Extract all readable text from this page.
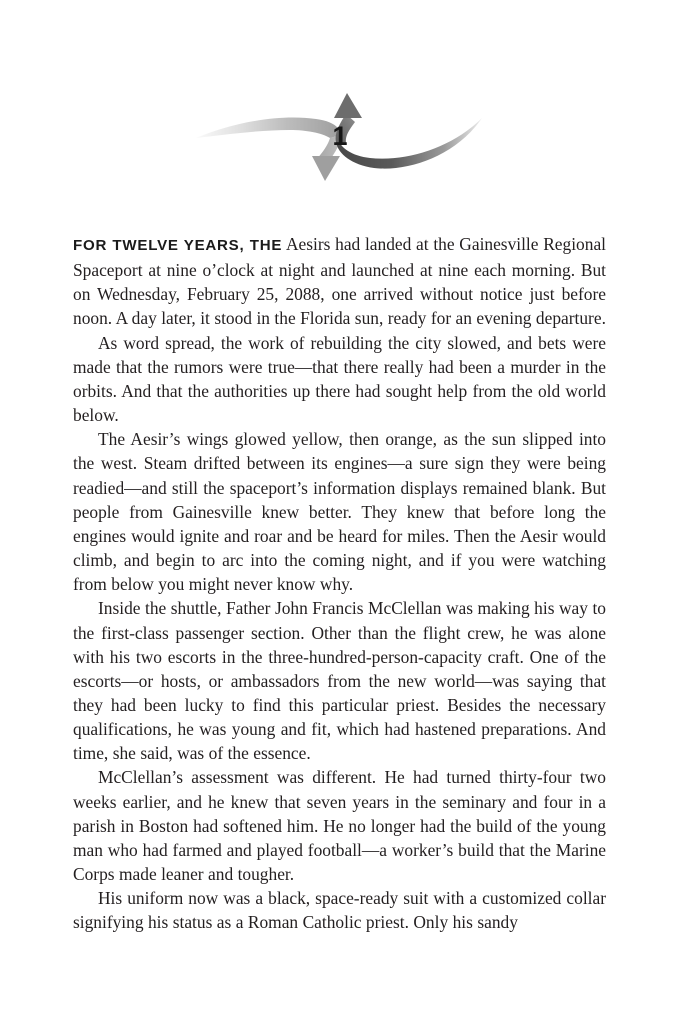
1

FOR TWELVE YEARS, THE Aesirs had landed at the Gainesville Regional Spaceport at nine o’clock at night and launched at nine each morning. But on Wednesday, February 25, 2088, one arrived without notice just before noon. A day later, it stood in the Florida sun, ready for an evening departure.

As word spread, the work of rebuilding the city slowed, and bets were made that the rumors were true—that there really had been a murder in the orbits. And that the authorities up there had sought help from the old world below.

The Aesir’s wings glowed yellow, then orange, as the sun slipped into the west. Steam drifted between its engines—a sure sign they were being readied—and still the spaceport’s information displays remained blank. But people from Gainesville knew better. They knew that before long the engines would ignite and roar and be heard for miles. Then the Aesir would climb, and begin to arc into the coming night, and if you were watching from below you might never know why.

Inside the shuttle, Father John Francis McClellan was making his way to the first-class passenger section. Other than the flight crew, he was alone with his two escorts in the three-hundred-person-capacity craft. One of the escorts—or hosts, or ambassadors from the new world—was saying that they had been lucky to find this particular priest. Besides the necessary qualifications, he was young and fit, which had hastened preparations. And time, she said, was of the essence.

McClellan’s assessment was different. He had turned thirty-four two weeks earlier, and he knew that seven years in the seminary and four in a parish in Boston had softened him. He no longer had the build of the young man who had farmed and played football—a worker’s build that the Marine Corps made leaner and tougher.

His uniform now was a black, space-ready suit with a customized collar signifying his status as a Roman Catholic priest. Only his sandy
